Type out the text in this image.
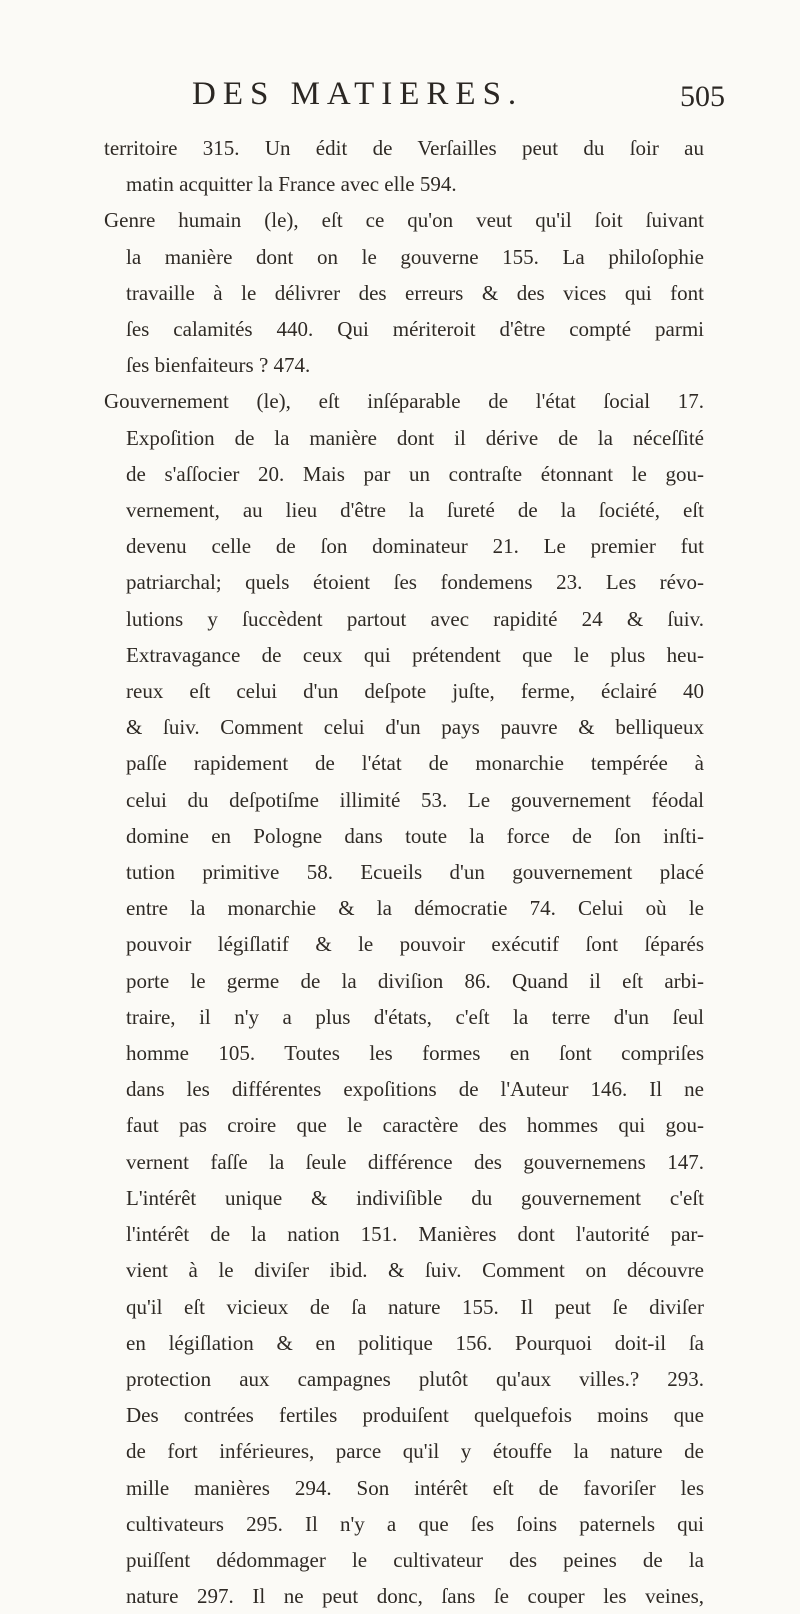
DES MATIERES.	505
territoire 315. Un édit de Verſailles peut du ſoir au
matin acquitter la France avec elle 594.
Genre humain (le), eſt ce qu'on veut qu'il ſoit ſuivant
la manière dont on le gouverne 155. La philoſophie
travaille à le délivrer des erreurs & des vices qui font
ſes calamités 440. Qui mériteroit d'être compté parmi
ſes bienfaiteurs ? 474.
Gouvernement (le), eſt inſéparable de l'état ſocial 17.
Expoſition de la manière dont il dérive de la néceſſité
de s'aſſocier 20. Mais par un contraſte étonnant le gou-
vernement, au lieu d'être la ſureté de la ſociété, eſt
devenu celle de ſon dominateur 21. Le premier fut
patriarchal; quels étoient ſes fondemens 23. Les révo-
lutions y ſuccèdent partout avec rapidité 24 & ſuiv.
Extravagance de ceux qui prétendent que le plus heu-
reux eſt celui d'un deſpote juſte, ferme, éclairé 40
& ſuiv. Comment celui d'un pays pauvre & belliqueux
paſſe rapidement de l'état de monarchie tempérée à
celui du deſpotiſme illimité 53. Le gouvernement féodal
domine en Pologne dans toute la force de ſon inſti-
tution primitive 58. Ecueils d'un gouvernement placé
entre la monarchie & la démocratie 74. Celui où le
pouvoir légiſlatif & le pouvoir exécutif ſont ſéparés
porte le germe de la diviſion 86. Quand il eſt arbi-
traire, il n'y a plus d'états, c'eſt la terre d'un ſeul
homme 105. Toutes les formes en ſont compriſes
dans les différentes expoſitions de l'Auteur 146. Il ne
faut pas croire que le caractère des hommes qui gou-
vernent faſſe la ſeule différence des gouvernemens 147.
L'intérêt unique & indiviſible du gouvernement c'eſt
l'intérêt de la nation 151. Manières dont l'autorité par-
vient à le diviſer ibid. & ſuiv. Comment on découvre
qu'il eſt vicieux de ſa nature 155. Il peut ſe diviſer
en légiſlation & en politique 156. Pourquoi doit-il ſa
protection aux campagnes plutôt qu'aux villes.? 293.
Des contrées fertiles produiſent quelquefois moins que
de fort inférieures, parce qu'il y étouffe la nature de
mille manières 294. Son intérêt eſt de favoriſer les
cultivateurs 295. Il n'y a que ſes ſoins paternels qui
puiſſent dédommager le cultivateur des peines de la
nature 297. Il ne peut donc, ſans ſe couper les veines,
